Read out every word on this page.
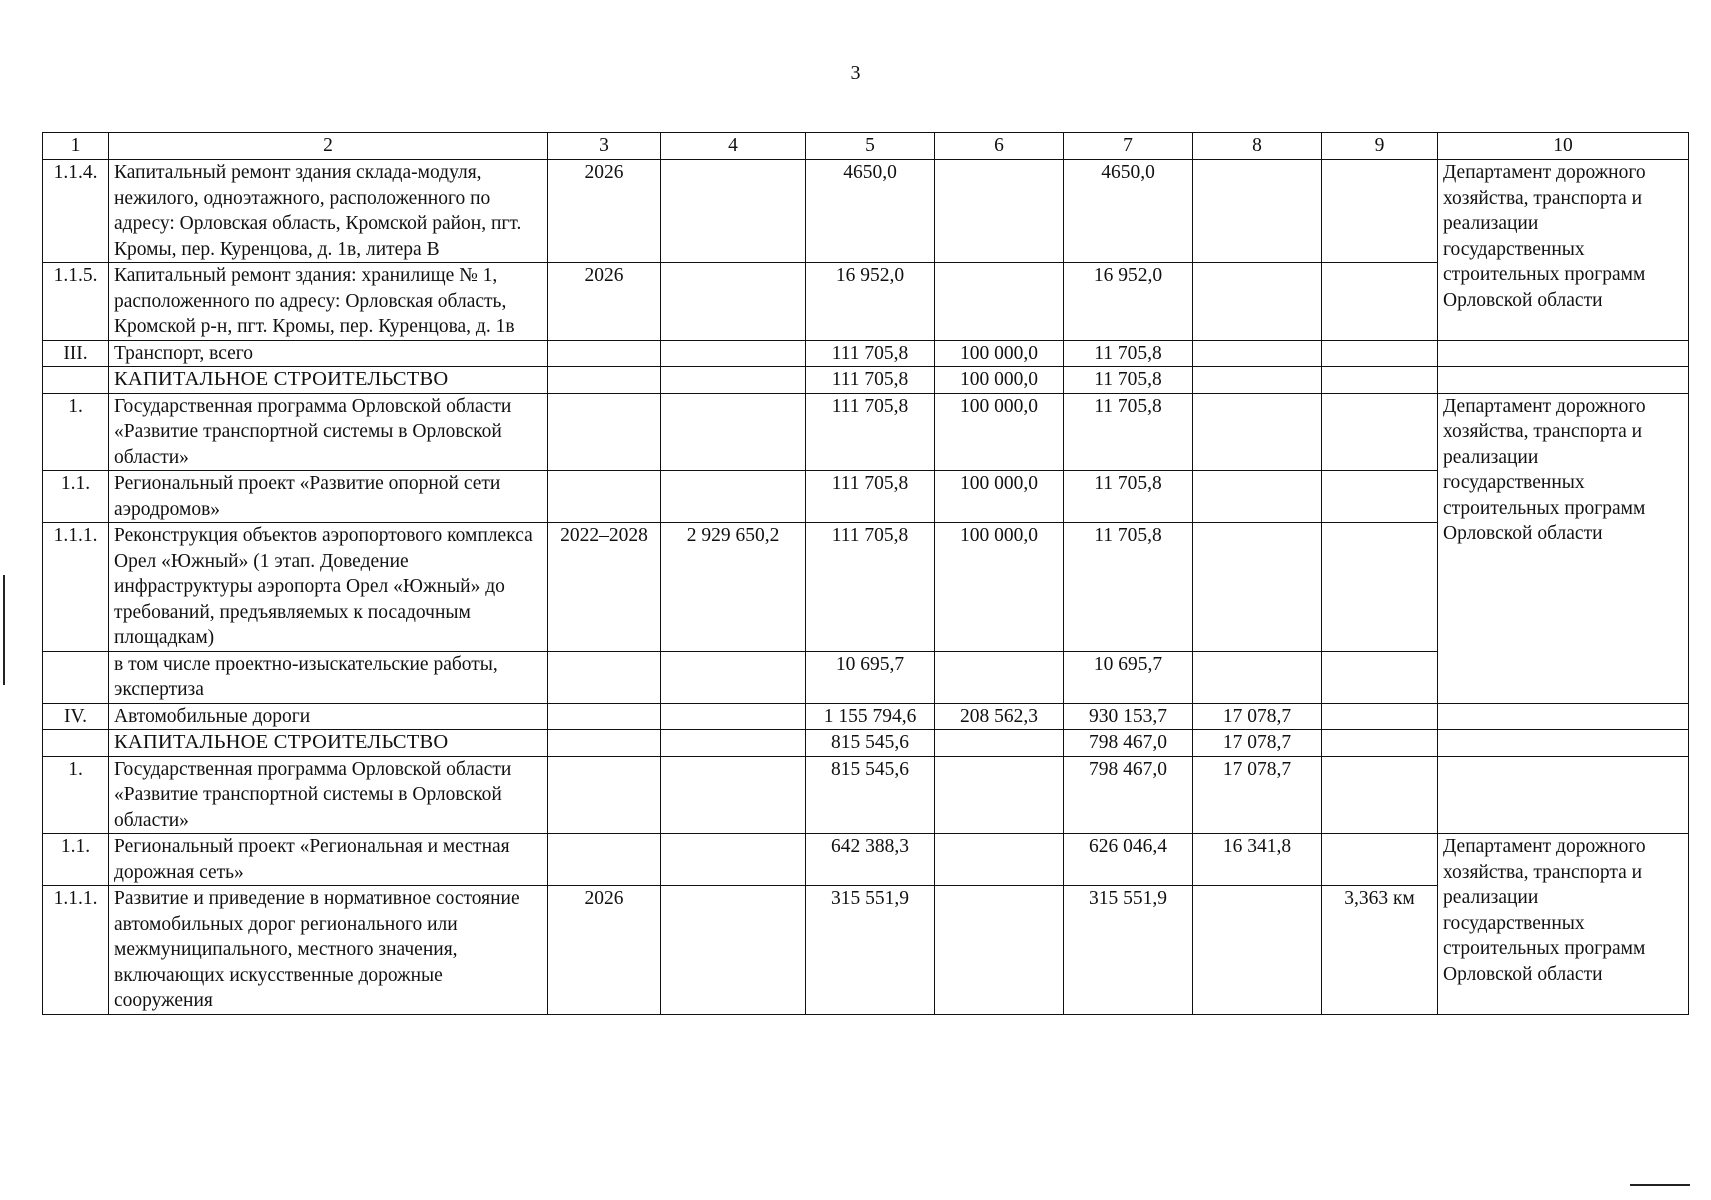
3
1	2	3	4	5	6	7	8	9	10
1.1.4.	Капитальный ремонт здания склада-модуля, нежилого, одноэтажного, расположенного по адресу: Орловская область, Кромской район, пгт. Кромы, пер. Куренцова, д. 1в, литера В	2026		4650,0		4650,0			Департамент дорожного хозяйства, транспорта и реализации государственных строительных программ Орловской области
1.1.5.	Капитальный ремонт здания: хранилище № 1, расположенного по адресу: Орловская область, Кромской р-н, пгт. Кромы, пер. Куренцова, д. 1в	2026		16 952,0		16 952,0			
III.	Транспорт, всего			111 705,8	100 000,0	11 705,8			
	КАПИТАЛЬНОЕ СТРОИТЕЛЬСТВО			111 705,8	100 000,0	11 705,8			
1.	Государственная программа Орловской области «Развитие транспортной системы в Орловской области»			111 705,8	100 000,0	11 705,8			Департамент дорожного хозяйства, транспорта и реализации государственных строительных программ Орловской области
1.1.	Региональный проект «Развитие опорной сети аэродромов»			111 705,8	100 000,0	11 705,8			
1.1.1.	Реконструкция объектов аэропортового комплекса Орел «Южный» (1 этап. Доведение инфраструктуры аэропорта Орел «Южный» до требований, предъявляемых к посадочным площадкам)	2022–2028	2 929 650,2	111 705,8	100 000,0	11 705,8			
	в том числе проектно-изыскательские работы, экспертиза			10 695,7		10 695,7			
IV.	Автомобильные дороги			1 155 794,6	208 562,3	930 153,7	17 078,7		
	КАПИТАЛЬНОЕ СТРОИТЕЛЬСТВО			815 545,6		798 467,0	17 078,7		
1.	Государственная программа Орловской области «Развитие транспортной системы в Орловской области»			815 545,6		798 467,0	17 078,7		
1.1.	Региональный проект «Региональная и местная дорожная сеть»			642 388,3		626 046,4	16 341,8		Департамент дорожного хозяйства, транспорта и реализации государственных строительных программ Орловской области
1.1.1.	Развитие и приведение в нормативное состояние автомобильных дорог регионального или межмуниципального, местного значения, включающих искусственные дорожные сооружения	2026		315 551,9		315 551,9		3,363 км	
